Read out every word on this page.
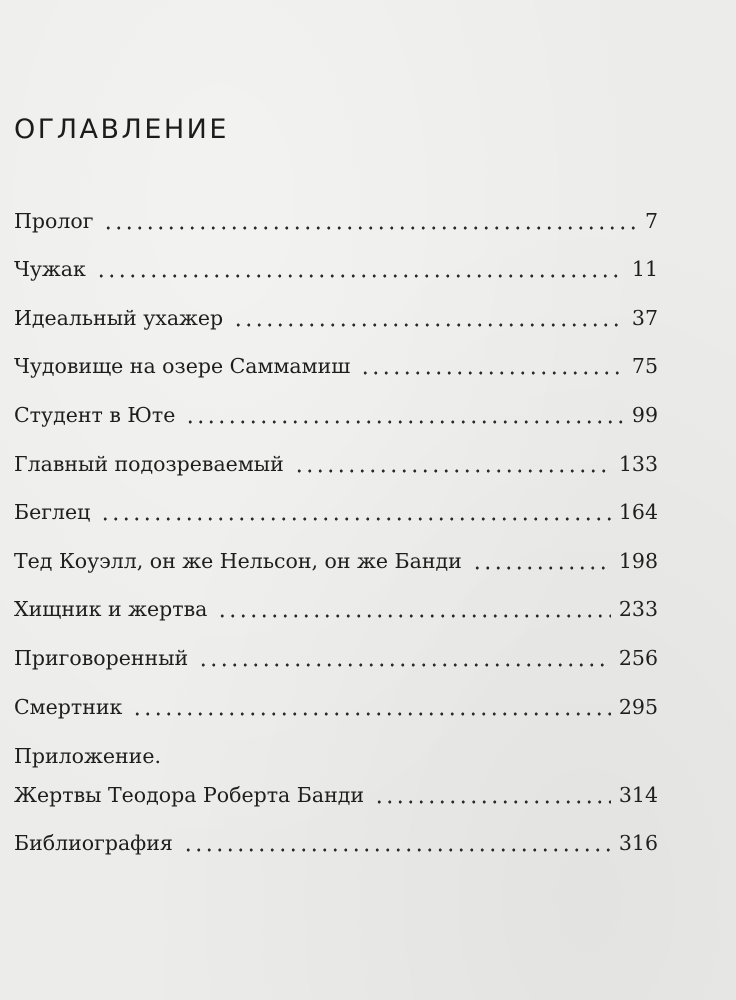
ОГЛАВЛЕНИЕ
Пролог	7
Чужак	11
Идеальный ухажер	37
Чудовище на озере Саммамиш	75
Студент в Юте	99
Главный подозреваемый	133
Беглец	164
Тед Коуэлл, он же Нельсон, он же Банди	198
Хищник и жертва	233
Приговоренный	256
Смертник	295
Приложение.
Жертвы Теодора Роберта Банди	314
Библиография	316
